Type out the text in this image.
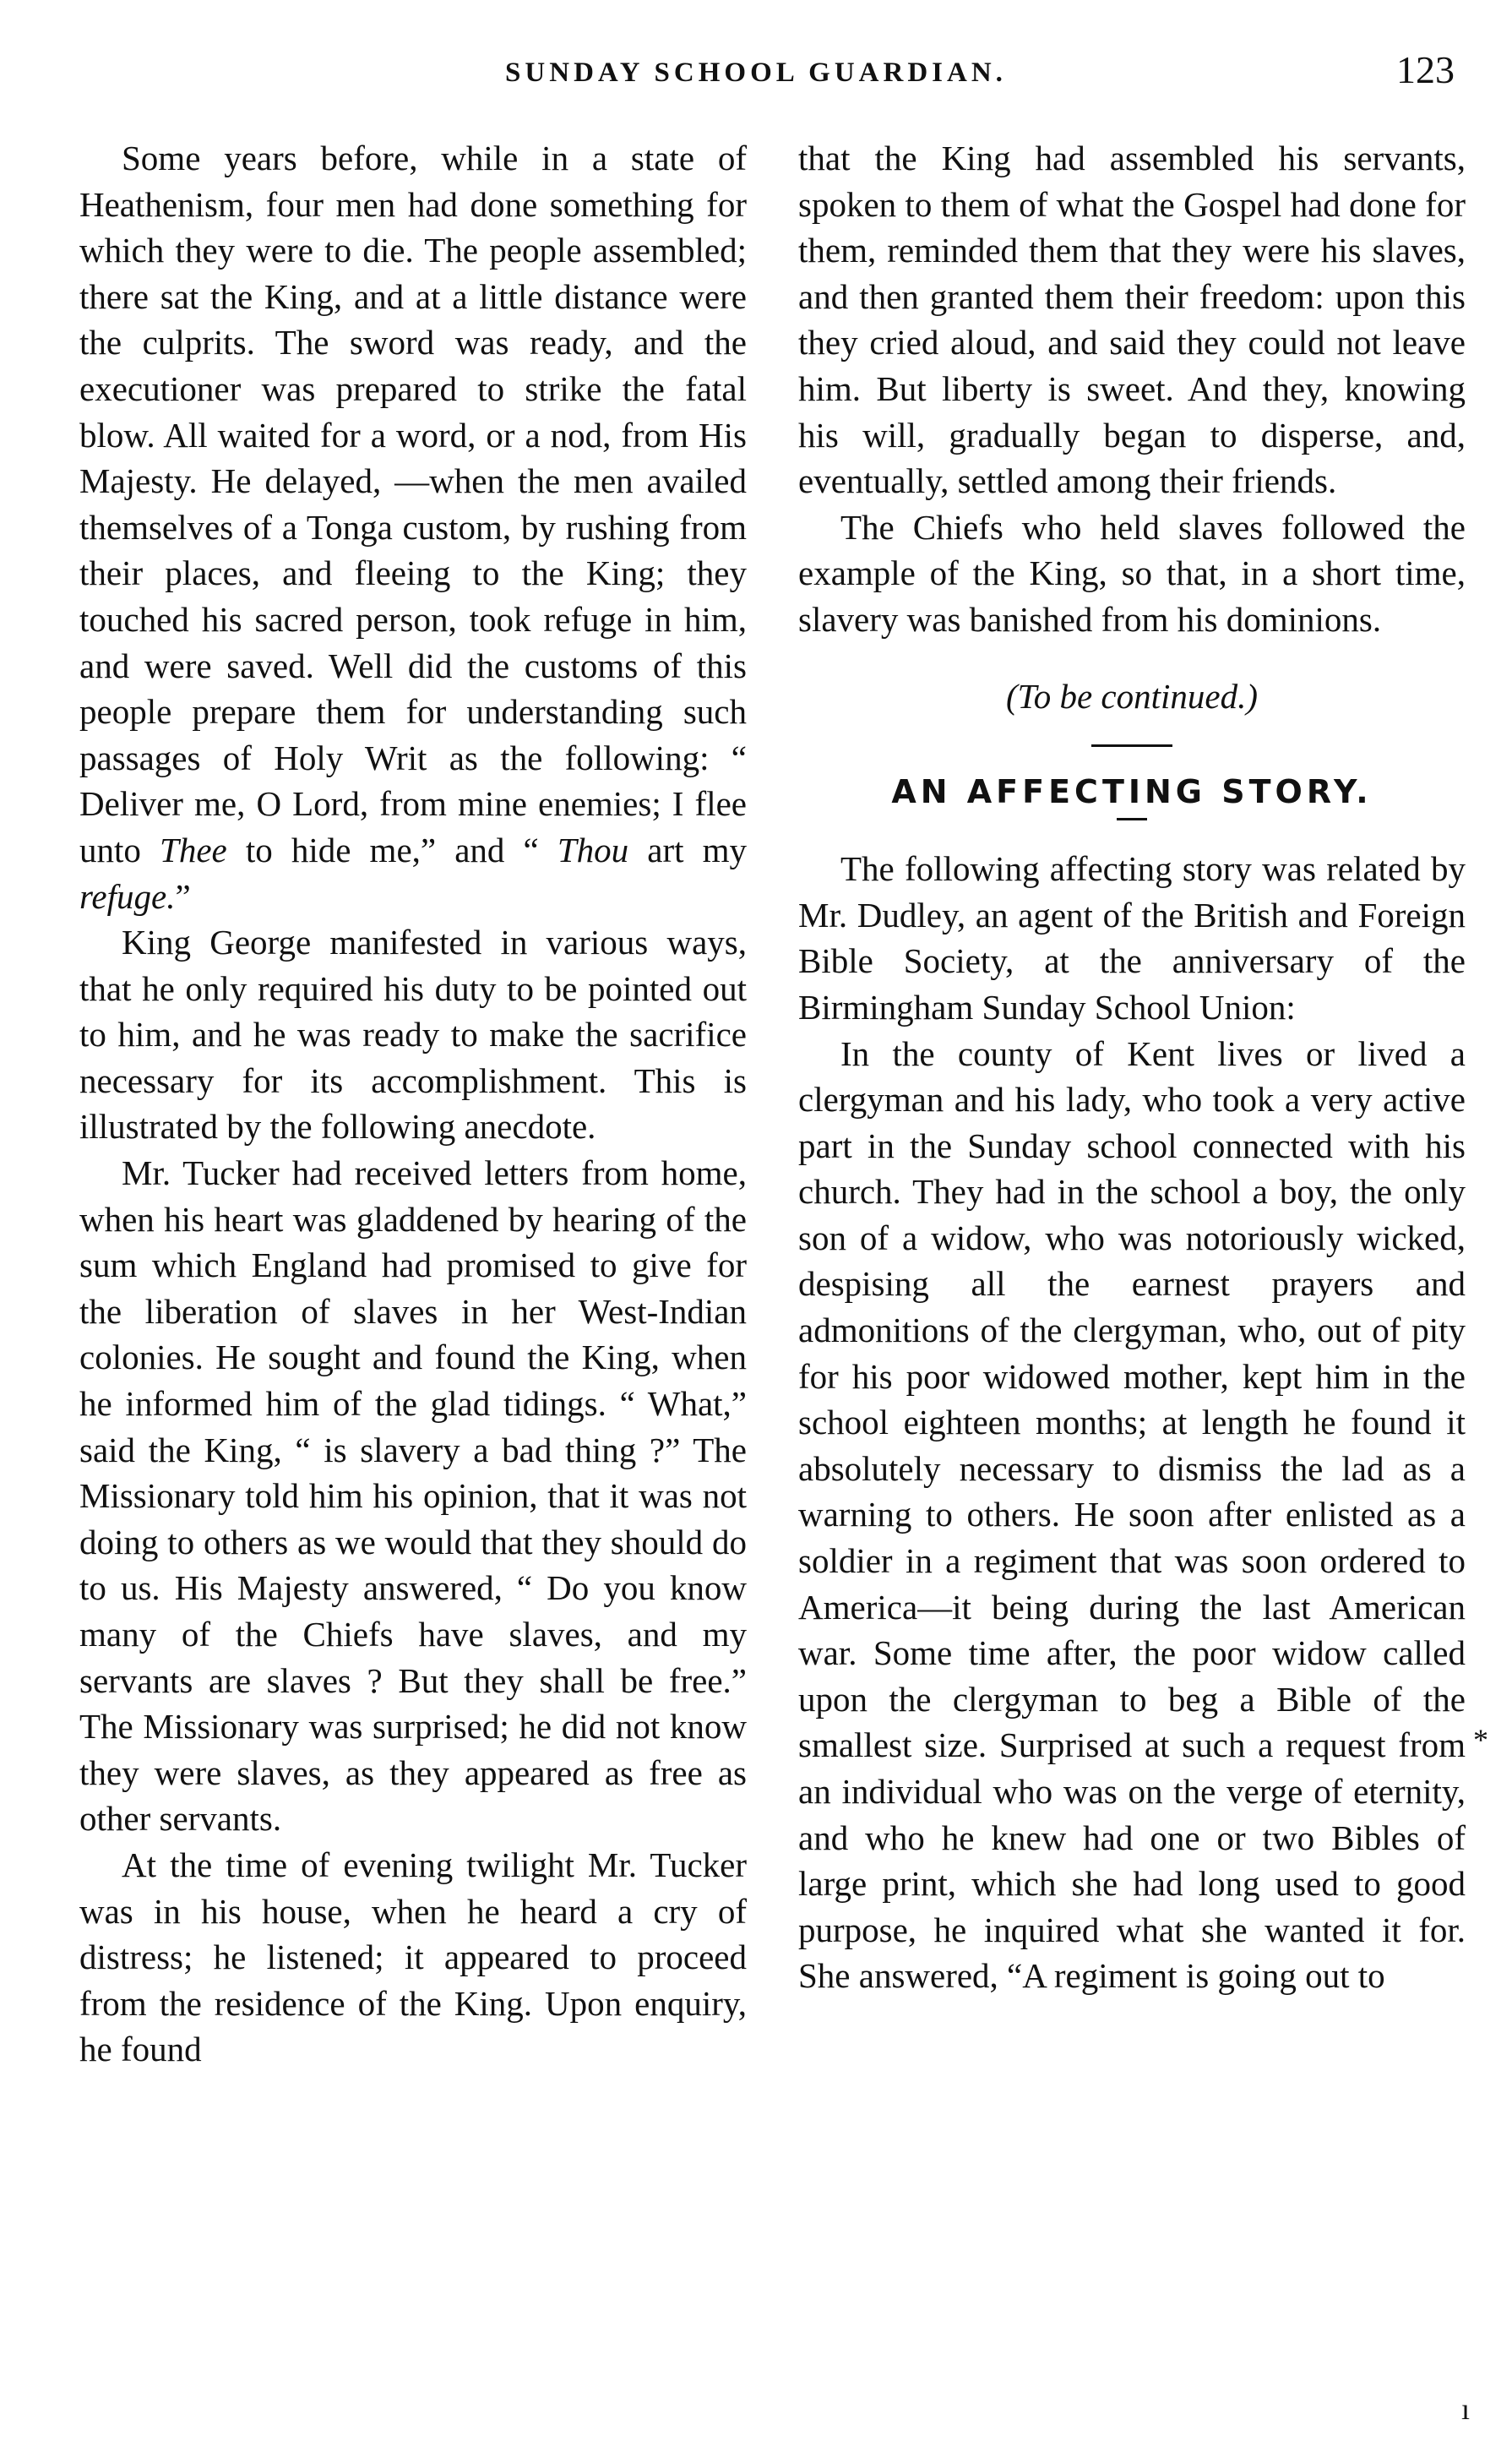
SUNDAY SCHOOL GUARDIAN.	123

Some years before, while in a state of Heathenism, four men had done something for which they were to die. The people assembled; there sat the King, and at a little distance were the culprits. The sword was ready, and the executioner was prepared to strike the fatal blow. All waited for a word, or a nod, from His Majesty. He delayed, —when the men availed themselves of a Tonga custom, by rushing from their places, and fleeing to the King; they touched his sacred person, took refuge in him, and were saved. Well did the customs of this people prepare them for understanding such passages of Holy Writ as the following: “ Deliver me, O Lord, from mine enemies; I flee unto Thee to hide me,” and “ Thou art my refuge.”

King George manifested in various ways, that he only required his duty to be pointed out to him, and he was ready to make the sacrifice necessary for its accomplishment. This is illustrated by the following anecdote.

Mr. Tucker had received letters from home, when his heart was gladdened by hearing of the sum which England had promised to give for the liberation of slaves in her West-Indian colonies. He sought and found the King, when he informed him of the glad tidings. “ What,” said the King, “ is slavery a bad thing ?” The Missionary told him his opinion, that it was not doing to others as we would that they should do to us. His Majesty answered, “ Do you know many of the Chiefs have slaves, and my servants are slaves ? But they shall be free.” The Missionary was surprised; he did not know they were slaves, as they appeared as free as other servants.

At the time of evening twilight Mr. Tucker was in his house, when he heard a cry of distress; he listened; it appeared to proceed from the residence of the King. Upon enquiry, he found

that the King had assembled his servants, spoken to them of what the Gospel had done for them, reminded them that they were his slaves, and then granted them their freedom: upon this they cried aloud, and said they could not leave him. But liberty is sweet. And they, knowing his will, gradually began to disperse, and, eventually, settled among their friends.

The Chiefs who held slaves followed the example of the King, so that, in a short time, slavery was banished from his dominions.

(To be continued.)

AN AFFECTING STORY.

The following affecting story was related by Mr. Dudley, an agent of the British and Foreign Bible Society, at the anniversary of the Birmingham Sunday School Union:

In the county of Kent lives or lived a clergyman and his lady, who took a very active part in the Sunday school connected with his church. They had in the school a boy, the only son of a widow, who was notoriously wicked, despising all the earnest prayers and admonitions of the clergyman, who, out of pity for his poor widowed mother, kept him in the school eighteen months; at length he found it absolutely necessary to dismiss the lad as a warning to others. He soon after enlisted as a soldier in a regiment that was soon ordered to America—it being during the last American war. Some time after, the poor widow called upon the clergyman to beg a Bible of the smallest size. Surprised at such a request from an individual who was on the verge of eternity, and who he knew had one or two Bibles of large print, which she had long used to good purpose, he inquired what she wanted it for. She answered, “A regiment is going out to

*
ı
